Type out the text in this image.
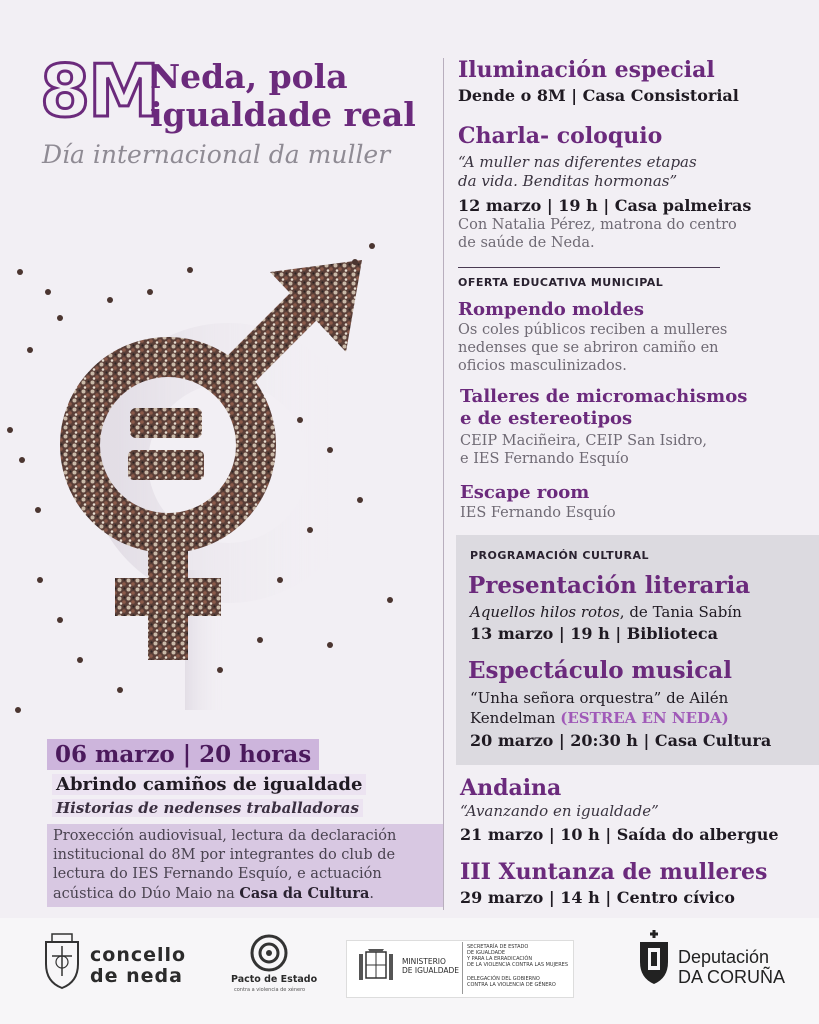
8M
Neda, pola
igualdade real
Día internacional da muller
06 marzo | 20 horas
Abrindo camiños de igualdade
Historias de nedenses traballadoras
Proxección audiovisual, lectura da declaración institucional do 8M por integrantes do club de lectura do IES Fernando Esquío, e actuación acústica do Dúo Maio na Casa da Cultura.
Iluminación especial
Dende o 8M | Casa Consistorial
Charla- coloquio
“A muller nas diferentes etapas
da vida. Benditas hormonas”
12 marzo | 19 h | Casa palmeiras
Con Natalia Pérez, matrona do centro
de saúde de Neda.
OFERTA EDUCATIVA MUNICIPAL
Rompendo moldes
Os coles públicos reciben a mulleres
nedenses que se abriron camiño en
oficios masculinizados.
Talleres de micromachismos
e de estereotipos
CEIP Maciñeira, CEIP San Isidro,
e IES Fernando Esquío
Escape room
IES Fernando Esquío
PROGRAMACIÓN CULTURAL
Presentación literaria
Aquellos hilos rotos, de Tania Sabín
13 marzo | 19 h | Biblioteca
Espectáculo musical
“Unha señora orquestra” de Ailén
Kendelman (ESTREA EN NEDA)
20 marzo | 20:30 h | Casa Cultura
Andaina
“Avanzando en igualdade”
21 marzo | 10 h | Saída do albergue
III Xuntanza de mulleres
29 marzo | 14 h | Centro cívico
concello
de neda	Pacto de Estado
contra a violencia de xénero
MINISTERIO
DE IGUALDADE
SECRETARÍA DE ESTADO
DE IGUALDADE
Y PARA LA ERRADICACIÓN
DE LA VIOLENCIA CONTRA LAS MUJERES
DELEGACIÓN DEL GOBIERNO
CONTRA LA VIOLENCIA DE GÉNERO
Deputación
DA CORUÑA
